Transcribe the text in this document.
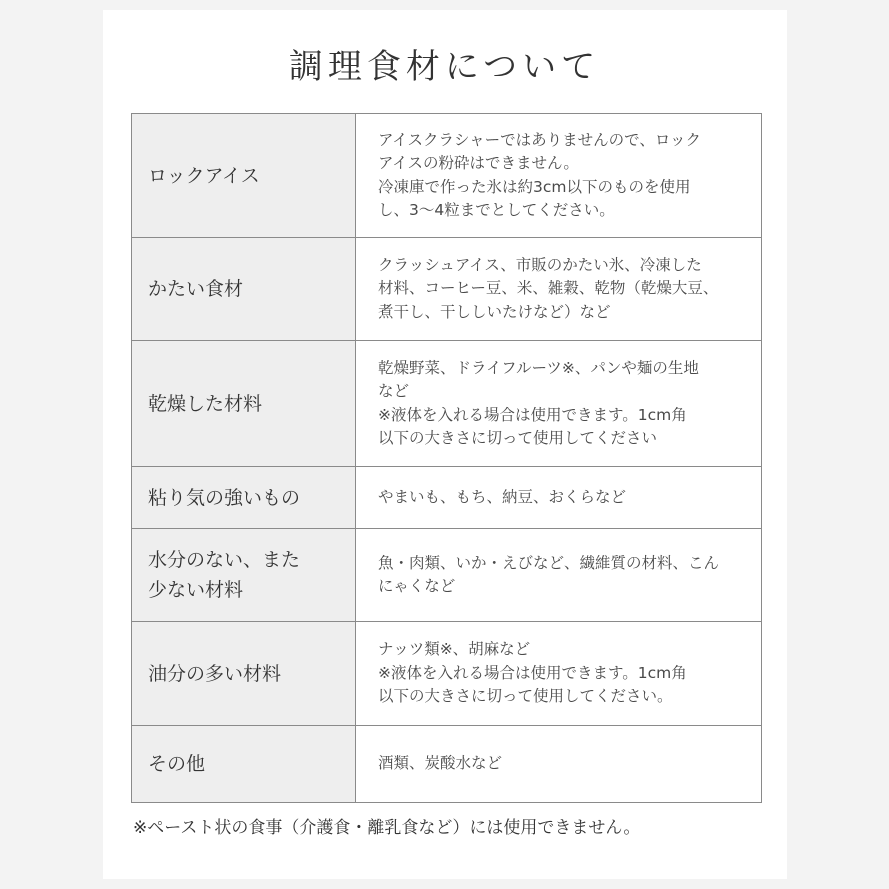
調理食材について
ロックアイス	アイスクラシャーではありませんので、ロック
アイスの粉砕はできません。
冷凍庫で作った氷は約3cm以下のものを使用
し、3〜4粒までとしてください。

かたい食材	クラッシュアイス、市販のかたい氷、冷凍した
材料、コーヒー豆、米、雑穀、乾物（乾燥大豆、
煮干し、干ししいたけなど）など

乾燥した材料	乾燥野菜、ドライフルーツ※、パンや麺の生地
など
※液体を入れる場合は使用できます。1cm角
以下の大きさに切って使用してください

粘り気の強いもの	やまいも、もち、納豆、おくらなど

水分のない、また
少ない材料	魚・肉類、いか・えびなど、繊維質の材料、こん
にゃくなど

油分の多い材料	ナッツ類※、胡麻など
※液体を入れる場合は使用できます。1cm角
以下の大きさに切って使用してください。

その他	酒類、炭酸水など
※ペースト状の食事（介護食・離乳食など）には使用できません。
